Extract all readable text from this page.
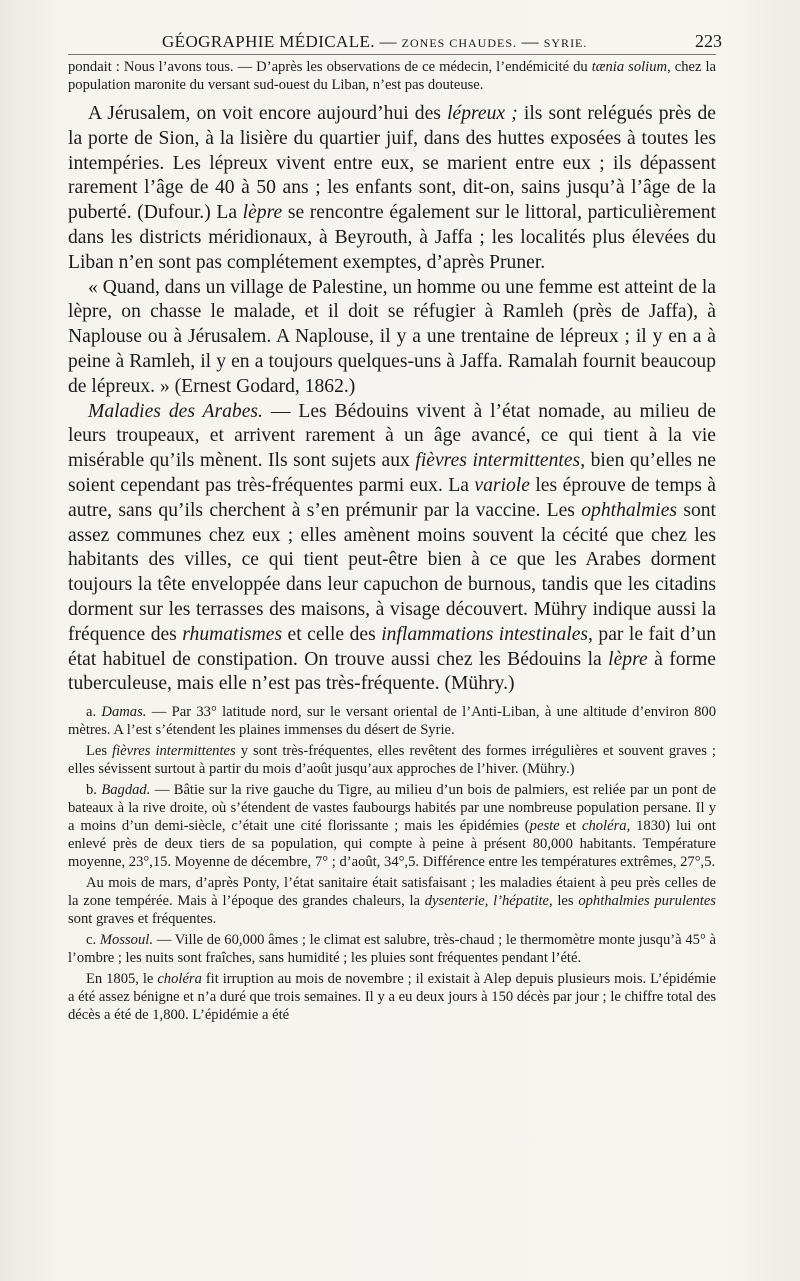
GÉOGRAPHIE MÉDICALE. — ZONES CHAUDES. — SYRIE.	223

pondait : Nous l’avons tous. — D’après les observations de ce médecin, l’endémicité du tænia solium, chez la population maronite du versant sud-ouest du Liban, n’est pas douteuse.

A Jérusalem, on voit encore aujourd’hui des lépreux ; ils sont relégués près de la porte de Sion, à la lisière du quartier juif, dans des huttes exposées à toutes les intempéries. Les lépreux vivent entre eux, se marient entre eux ; ils dépassent rarement l’âge de 40 à 50 ans ; les enfants sont, dit-on, sains jusqu’à l’âge de la puberté. (Dufour.) La lèpre se rencontre également sur le littoral, particulièrement dans les districts méridionaux, à Beyrouth, à Jaffa ; les localités plus élevées du Liban n’en sont pas complétement exemptes, d’après Pruner.

« Quand, dans un village de Palestine, un homme ou une femme est atteint de la lèpre, on chasse le malade, et il doit se réfugier à Ramleh (près de Jaffa), à Naplouse ou à Jérusalem. A Naplouse, il y a une trentaine de lépreux ; il y en a à peine à Ramleh, il y en a toujours quelques-uns à Jaffa. Ramalah fournit beaucoup de lépreux. » (Ernest Godard, 1862.)

Maladies des Arabes. — Les Bédouins vivent à l’état nomade, au milieu de leurs troupeaux, et arrivent rarement à un âge avancé, ce qui tient à la vie misérable qu’ils mènent. Ils sont sujets aux fièvres intermittentes, bien qu’elles ne soient cependant pas très-fréquentes parmi eux. La variole les éprouve de temps à autre, sans qu’ils cherchent à s’en prémunir par la vaccine. Les ophthalmies sont assez communes chez eux ; elles amènent moins souvent la cécité que chez les habitants des villes, ce qui tient peut-être bien à ce que les Arabes dorment toujours la tête enveloppée dans leur capuchon de burnous, tandis que les citadins dorment sur les terrasses des maisons, à visage découvert. Mühry indique aussi la fréquence des rhumatismes et celle des inflammations intestinales, par le fait d’un état habituel de constipation. On trouve aussi chez les Bédouins la lèpre à forme tuberculeuse, mais elle n’est pas très-fréquente. (Mühry.)

a. Damas. — Par 33° latitude nord, sur le versant oriental de l’Anti-Liban, à une altitude d’environ 800 mètres. A l’est s’étendent les plaines immenses du désert de Syrie.

Les fièvres intermittentes y sont très-fréquentes, elles revêtent des formes irrégulières et souvent graves ; elles sévissent surtout à partir du mois d’août jusqu’aux approches de l’hiver. (Mühry.)

b. Bagdad. — Bâtie sur la rive gauche du Tigre, au milieu d’un bois de palmiers, est reliée par un pont de bateaux à la rive droite, où s’étendent de vastes faubourgs habités par une nombreuse population persane. Il y a moins d’un demi-siècle, c’était une cité florissante ; mais les épidémies (peste et choléra, 1830) lui ont enlevé près de deux tiers de sa population, qui compte à peine à présent 80,000 habitants. Température moyenne, 23°,15. Moyenne de décembre, 7° ; d’août, 34°,5. Différence entre les températures extrêmes, 27°,5.

Au mois de mars, d’après Ponty, l’état sanitaire était satisfaisant ; les maladies étaient à peu près celles de la zone tempérée. Mais à l’époque des grandes chaleurs, la dysenterie, l’hépatite, les ophthalmies purulentes sont graves et fréquentes.

c. Mossoul. — Ville de 60,000 âmes ; le climat est salubre, très-chaud ; le thermomètre monte jusqu’à 45° à l’ombre ; les nuits sont fraîches, sans humidité ; les pluies sont fréquentes pendant l’été.

En 1805, le choléra fit irruption au mois de novembre ; il existait à Alep depuis plusieurs mois. L’épidémie a été assez bénigne et n’a duré que trois semaines. Il y a eu deux jours à 150 décès par jour ; le chiffre total des décès a été de 1,800. L’épidémie a été
